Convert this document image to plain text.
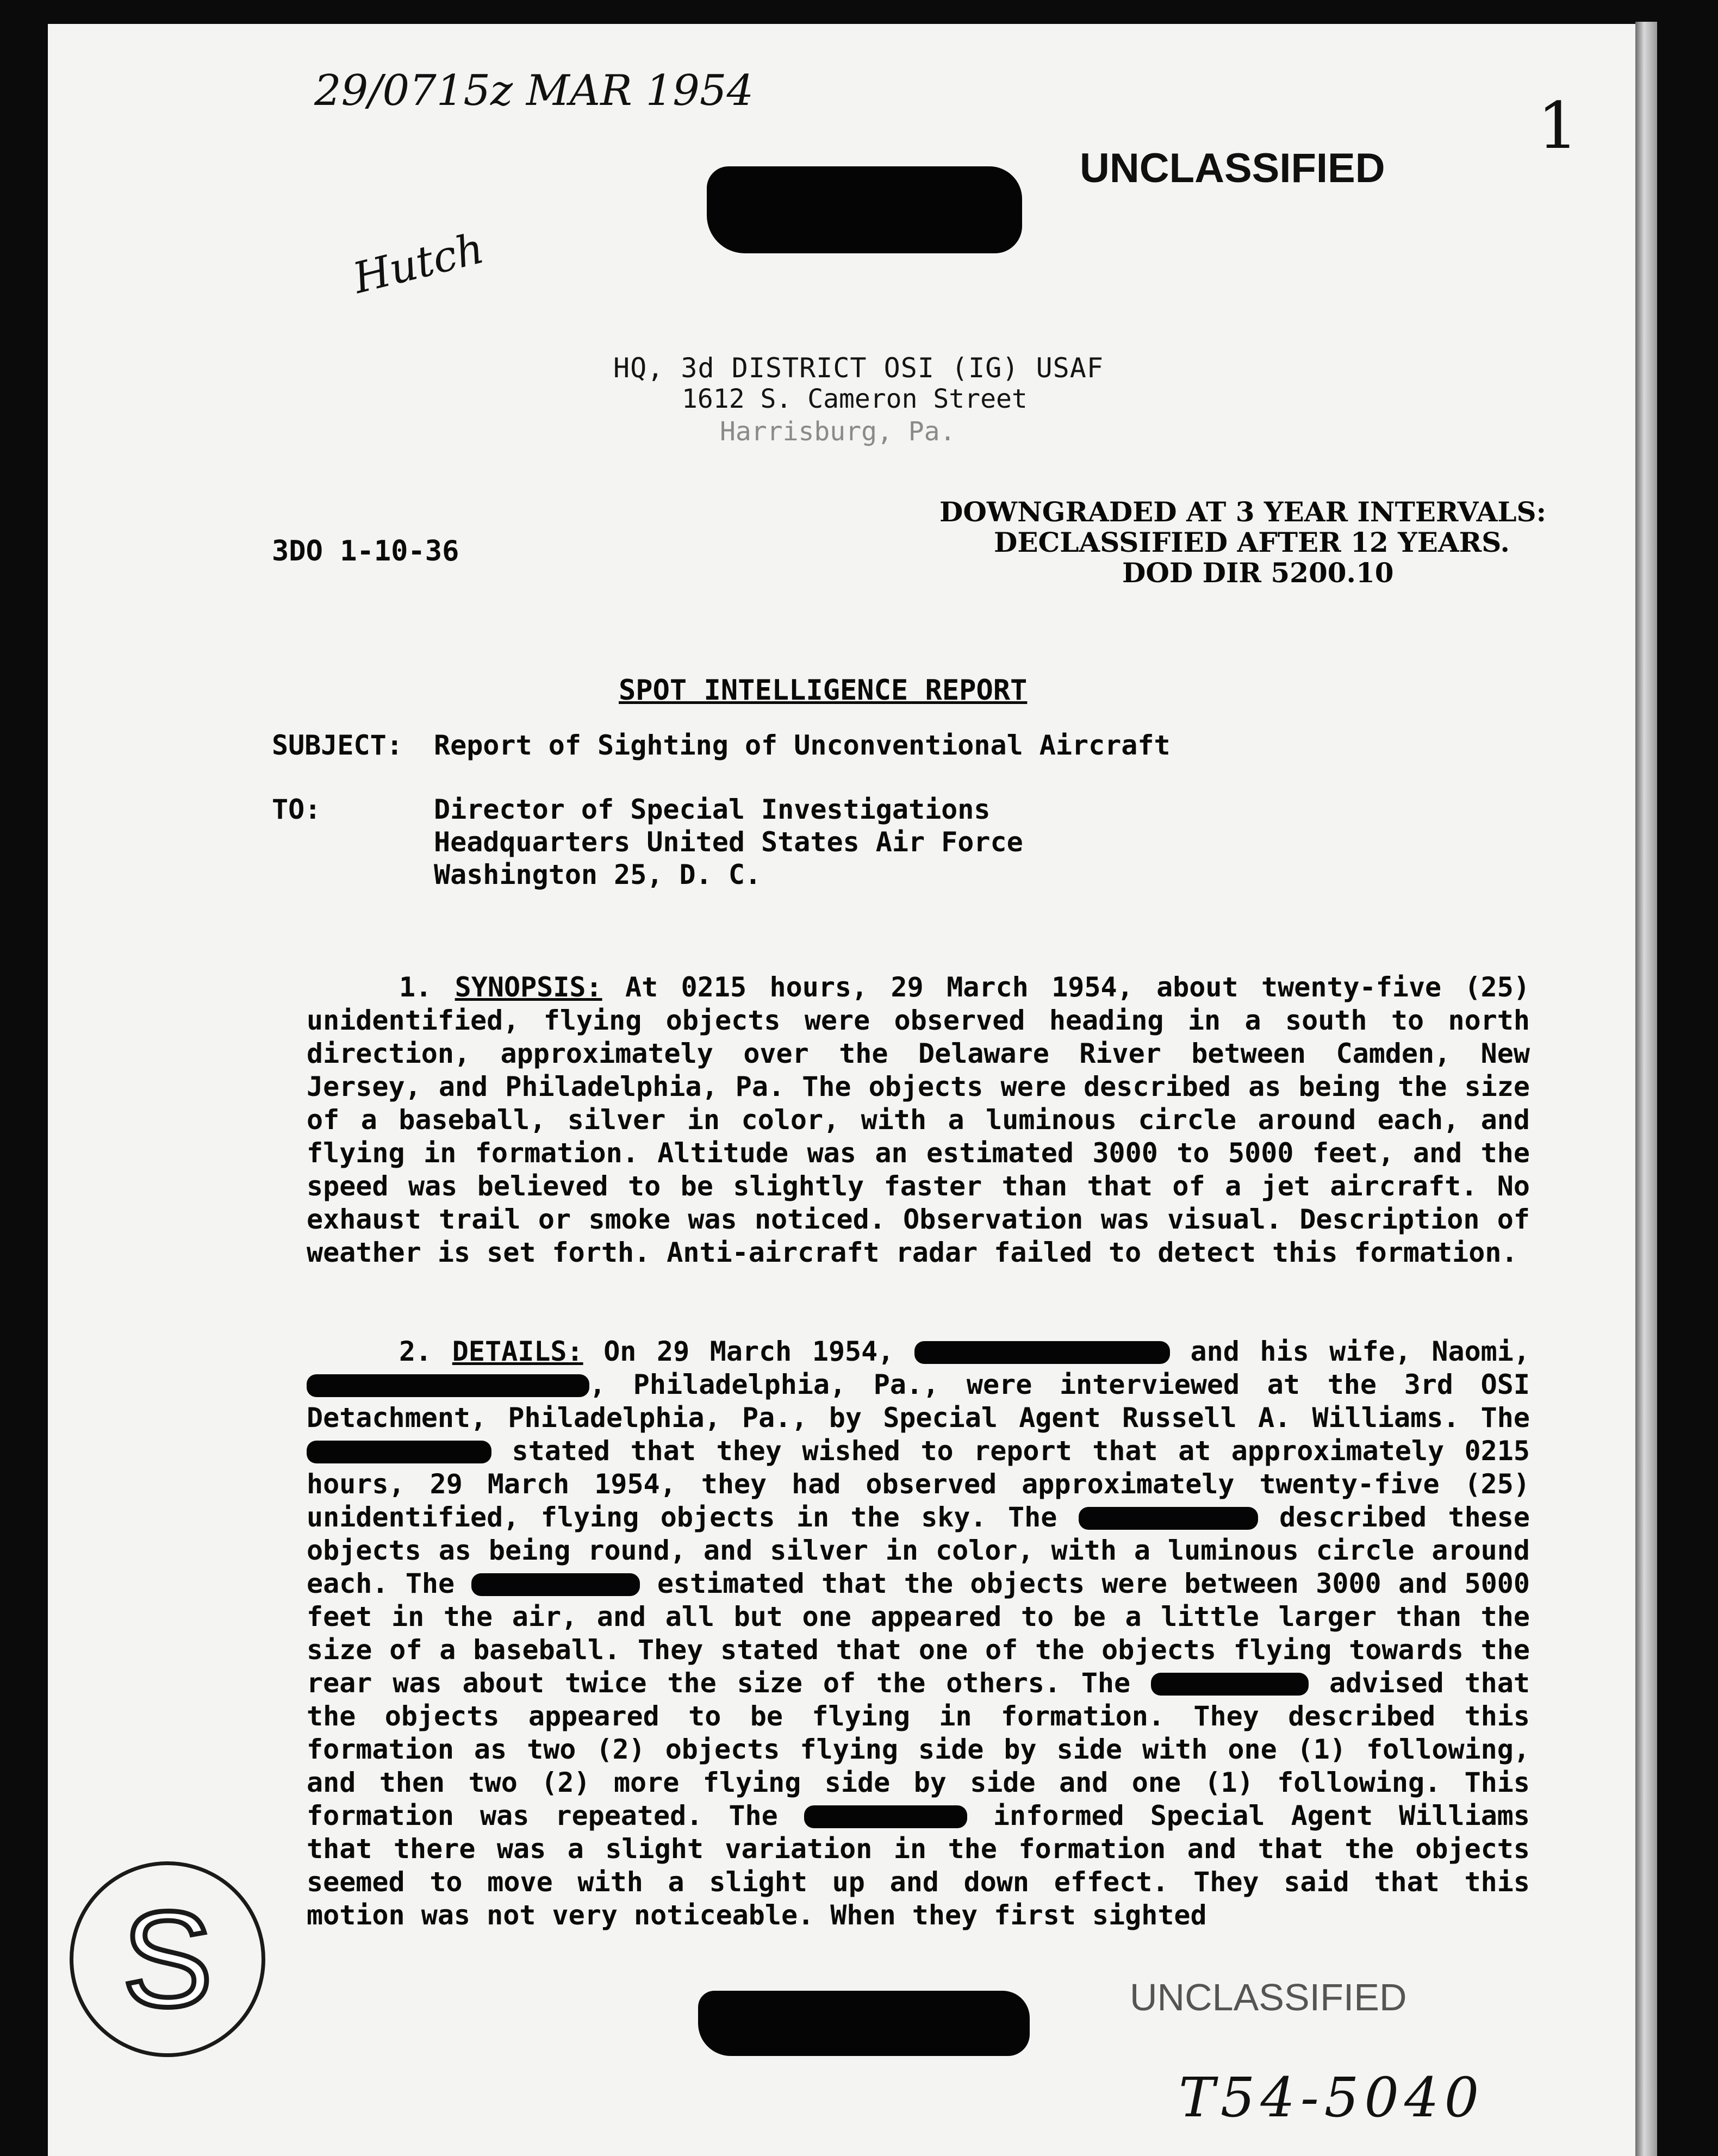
29/0715z MAR 1954	1
Hutch
UNCLASSIFIED
HQ, 3d DISTRICT OSI (IG) USAF
1612 S. Cameron Street
Harrisburg, Pa.
3DO 1-10-36
DOWNGRADED AT 3 YEAR INTERVALS:
DECLASSIFIED AFTER 12 YEARS.
DOD DIR 5200.10
SPOT INTELLIGENCE REPORT
SUBJECT: Report of Sighting of Unconventional Aircraft
TO:	Director of Special Investigations
Headquarters United States Air Force
Washington 25, D. C.
1. SYNOPSIS: At 0215 hours, 29 March 1954, about twenty-five (25) unidentified, flying objects were observed heading in a south to north direction, approximately over the Delaware River between Camden, New Jersey, and Philadelphia, Pa. The objects were described as being the size of a baseball, silver in color, with a luminous circle around each, and flying in formation. Altitude was an estimated 3000 to 5000 feet, and the speed was believed to be slightly faster than that of a jet aircraft. No exhaust trail or smoke was noticed. Observation was visual. Description of weather is set forth. Anti-aircraft radar failed to detect this formation.
2. DETAILS: On 29 March 1954,	and his wife, Naomi, , Philadelphia, Pa., were interviewed at the 3rd OSI Detachment, Philadelphia, Pa., by Special Agent Russell A. Williams. The  stated that they wished to report that at approximately 0215 hours, 29 March 1954, they had observed approximately twenty-five (25) unidentified, flying objects in the sky. The	described these objects as being round, and silver in color, with a luminous circle around each. The	estimated that the objects were between 3000 and 5000 feet in the air, and all but one appeared to be a little larger than the size of a baseball. They stated that one of the objects flying towards the rear was about twice the size of the others. The	advised that the objects appeared to be flying in formation. They described this formation as two (2) objects flying side by side with one (1) following, and then two (2) more flying side by side and one (1) following. This formation was repeated. The	informed Special Agent Williams that there was a slight variation in the formation and that the objects seemed to move with a slight up and down effect. They said that this motion was not very noticeable. When they first sighted
S	UNCLASSIFIED
T54-5040
